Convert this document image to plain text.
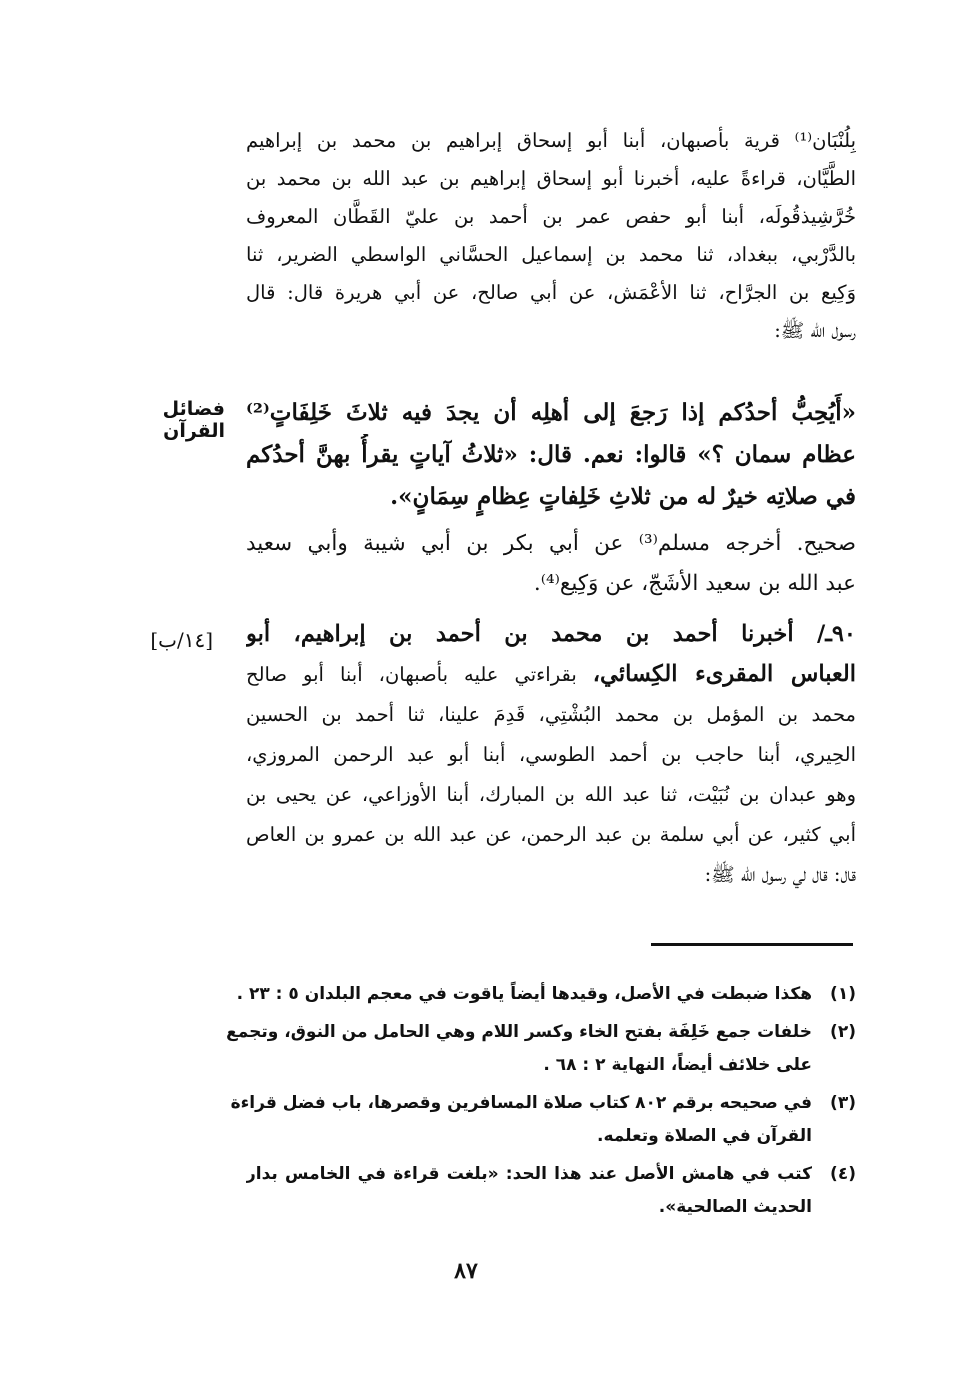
بِلُنْبَان⁽¹⁾ قرية بأصبهان، أبنا أبو إسحاق إبراهيم بن محمد بن إبراهيم
الطَّيَّان، قراءةً عليه، أخبرنا أبو إسحاق إبراهيم بن عبد الله بن محمد بن
خُرَّشِيذقُولَه، أبنا أبو حفص عمر بن أحمد بن عليّ القَطَّان المعروف
بالدَّرْبي، ببغداد، ثنا محمد بن إسماعيل الحسَّاني الواسطي الضرير، ثنا
وَكِيع بن الجرَّاح، ثنا الأعْمَش، عن أبي صالح، عن أبي هريرة قال: قال
رسول الله ﷺ:
فضائل القرآن
«أَيُحِبُّ أحدُكم إذا رَجعَ إلى أهلِه أن يجدَ فيه ثلاثَ خَلِفَاتٍ⁽²⁾
عظام سمان ؟» قالوا: نعم. قال: «ثلاثُ آياتٍ يقرأُ بهنَّ أحدُكم
في صلاتِه خيرٌ له من ثلاثِ خَلِفاتٍ عِظامٍ سِمَانٍ».
صحيح. أخرجه مسلم⁽³⁾ عن أبي بكر بن أبي شيبة وأبي سعيد
عبد الله بن سعيد الأشَجّ، عن وَكِيع⁽⁴⁾.
[١٤/ب] ٩٠ـ/ أخبرنا أحمد بن محمد بن أحمد بن إبراهيم، أبو
العباس المقرىء الكِسائي، بقراءتي عليه بأصبهان، أبنا أبو صالح
محمد بن المؤمل بن محمد البُشْتِي، قَدِمَ علينا، ثنا أحمد بن الحسين
الحِيري، أبنا حاجب بن أحمد الطوسي، أبنا أبو عبد الرحمن المروزي،
وهو عبدان بن نُبَيْت، ثنا عبد الله بن المبارك، أبنا الأوزاعي، عن يحيى بن
أبي كثير، عن أبي سلمة بن عبد الرحمن، عن عبد الله بن عمرو بن العاص
قال: قال لي رسول الله ﷺ:
(١)
هكذا ضبطت في الأصل، وقيدها أيضاً ياقوت في معجم البلدان ٥ : ٢٣ .
(٢)
خلفات جمع خَلِفَة بفتح الخاء وكسر اللام وهي الحامل من النوق، وتجمع
على خلائف أيضاً، النهاية ٢ : ٦٨ .
(٣)
في صحيحه برقم ٨٠٢ كتاب صلاة المسافرين وقصرها، باب فضل قراءة
القرآن في الصلاة وتعلمه.
(٤)
كتب في هامش الأصل عند هذا الحد: «بلغت قراءة في الخامس بدار
الحديث الصالحية».
٨٧
